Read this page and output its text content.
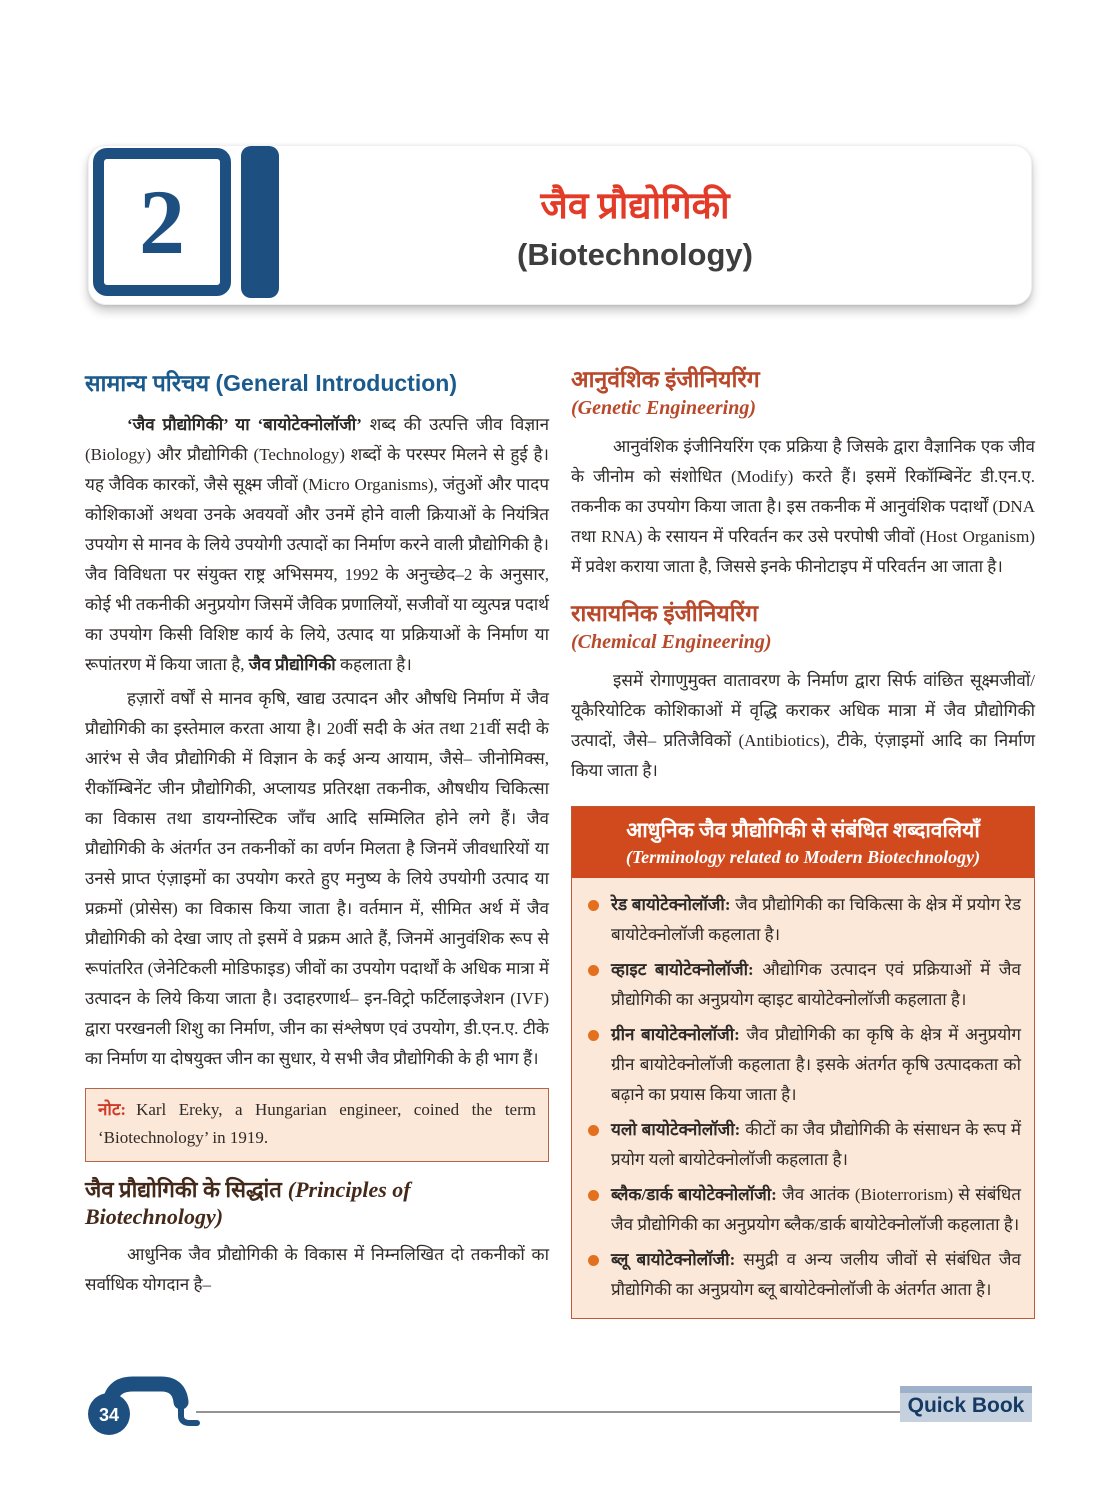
2	जैव प्रौद्योगिकी
(Biotechnology)
सामान्य परिचय (General Introduction)

‘जैव प्रौद्योगिकी’ या ‘बायोटेक्नोलॉजी’ शब्द की उत्पत्ति जीव विज्ञान (Biology) और प्रौद्योगिकी (Technology) शब्दों के परस्पर मिलने से हुई है। यह जैविक कारकों, जैसे सूक्ष्म जीवों (Micro Organisms), जंतुओं और पादप कोशिकाओं अथवा उनके अवयवों और उनमें होने वाली क्रियाओं के नियंत्रित उपयोग से मानव के लिये उपयोगी उत्पादों का निर्माण करने वाली प्रौद्योगिकी है। जैव विविधता पर संयुक्त राष्ट्र अभिसमय, 1992 के अनुच्छेद–2 के अनुसार, कोई भी तकनीकी अनुप्रयोग जिसमें जैविक प्रणालियों, सजीवों या व्युत्पन्न पदार्थ का उपयोग किसी विशिष्ट कार्य के लिये, उत्पाद या प्रक्रियाओं के निर्माण या रूपांतरण में किया जाता है, जैव प्रौद्योगिकी कहलाता है।

हज़ारों वर्षों से मानव कृषि, खाद्य उत्पादन और औषधि निर्माण में जैव प्रौद्योगिकी का इस्तेमाल करता आया है। 20वीं सदी के अंत तथा 21वीं सदी के आरंभ से जैव प्रौद्योगिकी में विज्ञान के कई अन्य आयाम, जैसे– जीनोमिक्स, रीकॉम्बिनेंट जीन प्रौद्योगिकी, अप्लायड प्रतिरक्षा तकनीक, औषधीय चिकित्सा का विकास तथा डायग्नोस्टिक जाँच आदि सम्मिलित होने लगे हैं। जैव प्रौद्योगिकी के अंतर्गत उन तकनीकों का वर्णन मिलता है जिनमें जीवधारियों या उनसे प्राप्त एंज़ाइमों का उपयोग करते हुए मनुष्य के लिये उपयोगी उत्पाद या प्रक्रमों (प्रोसेस) का विकास किया जाता है। वर्तमान में, सीमित अर्थ में जैव प्रौद्योगिकी को देखा जाए तो इसमें वे प्रक्रम आते हैं, जिनमें आनुवंशिक रूप से रूपांतरित (जेनेटिकली मोडिफाइड) जीवों का उपयोग पदार्थों के अधिक मात्रा में उत्पादन के लिये किया जाता है। उदाहरणार्थ– इन-विट्रो फर्टिलाइजेशन (IVF) द्वारा परखनली शिशु का निर्माण, जीन का संश्लेषण एवं उपयोग, डी.एन.ए. टीके का निर्माण या दोषयुक्त जीन का सुधार, ये सभी जैव प्रौद्योगिकी के ही भाग हैं।

नोट: Karl Ereky, a Hungarian engineer, coined the term ‘Biotechnology’ in 1919.
जैव प्रौद्योगिकी के सिद्धांत (Principles of Biotechnology)

आधुनिक जैव प्रौद्योगिकी के विकास में निम्नलिखित दो तकनीकों का सर्वाधिक योगदान है–

आनुवंशिक इंजीनियरिंग
(Genetic Engineering)

आनुवंशिक इंजीनियरिंग एक प्रक्रिया है जिसके द्वारा वैज्ञानिक एक जीव के जीनोम को संशोधित (Modify) करते हैं। इसमें रिकॉम्बिनेंट डी.एन.ए. तकनीक का उपयोग किया जाता है। इस तकनीक में आनुवंशिक पदार्थों (DNA तथा RNA) के रसायन में परिवर्तन कर उसे परपोषी जीवों (Host Organism) में प्रवेश कराया जाता है, जिससे इनके फीनोटाइप में परिवर्तन आ जाता है।

रासायनिक इंजीनियरिंग
(Chemical Engineering)

इसमें रोगाणुमुक्त वातावरण के निर्माण द्वारा सिर्फ वांछित सूक्ष्मजीवों/यूकैरियोटिक कोशिकाओं में वृद्धि कराकर अधिक मात्रा में जैव प्रौद्योगिकी उत्पादों, जैसे– प्रतिजैविकों (Antibiotics), टीके, एंज़ाइमों आदि का निर्माण किया जाता है।

आधुनिक जैव प्रौद्योगिकी से संबंधित शब्दावलियाँ
(Terminology related to Modern Biotechnology)
रेड बायोटेक्नोलॉजी: जैव प्रौद्योगिकी का चिकित्सा के क्षेत्र में प्रयोग रेड बायोटेक्नोलॉजी कहलाता है।
व्हाइट बायोटेक्नोलॉजी: औद्योगिक उत्पादन एवं प्रक्रियाओं में जैव प्रौद्योगिकी का अनुप्रयोग व्हाइट बायोटेक्नोलॉजी कहलाता है।
ग्रीन बायोटेक्नोलॉजी: जैव प्रौद्योगिकी का कृषि के क्षेत्र में अनुप्रयोग ग्रीन बायोटेक्नोलॉजी कहलाता है। इसके अंतर्गत कृषि उत्पादकता को बढ़ाने का प्रयास किया जाता है।
यलो बायोटेक्नोलॉजी: कीटों का जैव प्रौद्योगिकी के संसाधन के रूप में प्रयोग यलो बायोटेक्नोलॉजी कहलाता है।
ब्लैक/डार्क बायोटेक्नोलॉजी: जैव आतंक (Bioterrorism) से संबंधित जैव प्रौद्योगिकी का अनुप्रयोग ब्लैक/डार्क बायोटेक्नोलॉजी कहलाता है।
ब्लू बायोटेक्नोलॉजी: समुद्री व अन्य जलीय जीवों से संबंधित जैव प्रौद्योगिकी का अनुप्रयोग ब्लू बायोटेक्नोलॉजी के अंतर्गत आता है।
34	Quick Book
